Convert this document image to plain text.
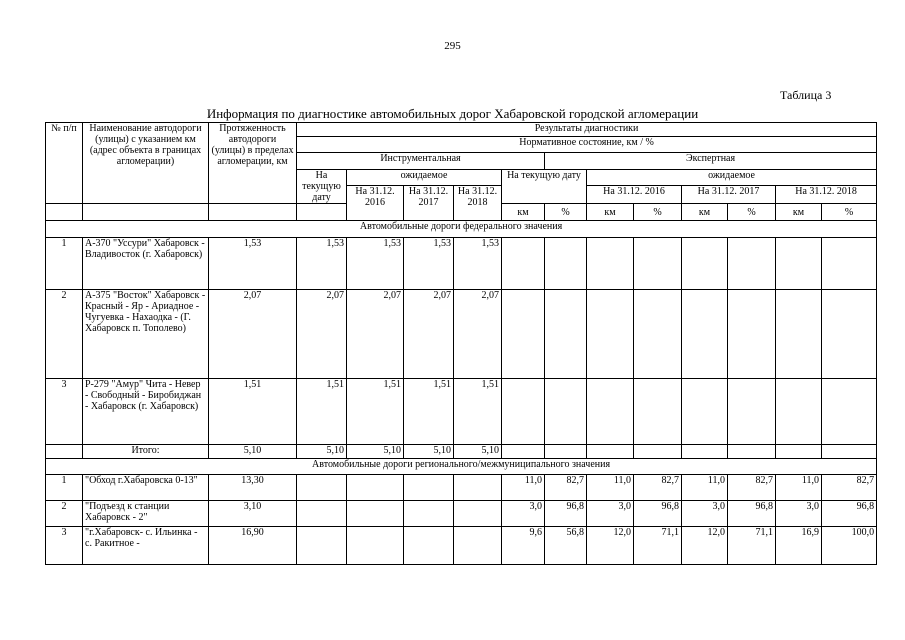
295
Таблица 3
Информация по диагностике автомобильных дорог Хабаровской городской агломерации
№ п/п	Наименование автодороги (улицы) с указанием км (адрес объекта в границах агломерации)	Протяженность автодороги (улицы) в пределах агломерации, км	Результаты диагностики											
			Нормативное состояние, км / %											
			Инструментальная					Экспертная						
			На текущую дату	ожидаемое			На текущую дату		ожидаемое					
				На 31.12. 2016	На 31.12. 2017	На 31.12. 2018			На 31.12. 2016		На 31.12. 2017		На 31.12. 2018	
							км	%	км	%	км	%	км	%
Автомобильные дороги федерального значения														
1	А-370 "Уссури" Хабаровск - Владивосток (г. Хабаровск)	1,53	1,53	1,53	1,53	1,53								
2	А-375 "Восток" Хабаровск - Красный - Яр - Ариадное - Чугуевка - Нахаодка - (Г. Хабаровск п. Тополево)	2,07	2,07	2,07	2,07	2,07								
3	Р-279 "Амур" Чита - Невер - Свободный - Биробиджан - Хабаровск (г. Хабаровск)	1,51	1,51	1,51	1,51	1,51								
	Итого:	5,10	5,10	5,10	5,10	5,10								
Автомобильные дороги регионального/межмуниципального значения														
1	"Обход г.Хабаровска 0-13"	13,30					11,0	82,7	11,0	82,7	11,0	82,7	11,0	82,7
2	"Подъезд к станции Хабаровск - 2"	3,10					3,0	96,8	3,0	96,8	3,0	96,8	3,0	96,8
3	"г.Хабаровск- с. Ильинка - с. Ракитное -	16,90					9,6	56,8	12,0	71,1	12,0	71,1	16,9	100,0
